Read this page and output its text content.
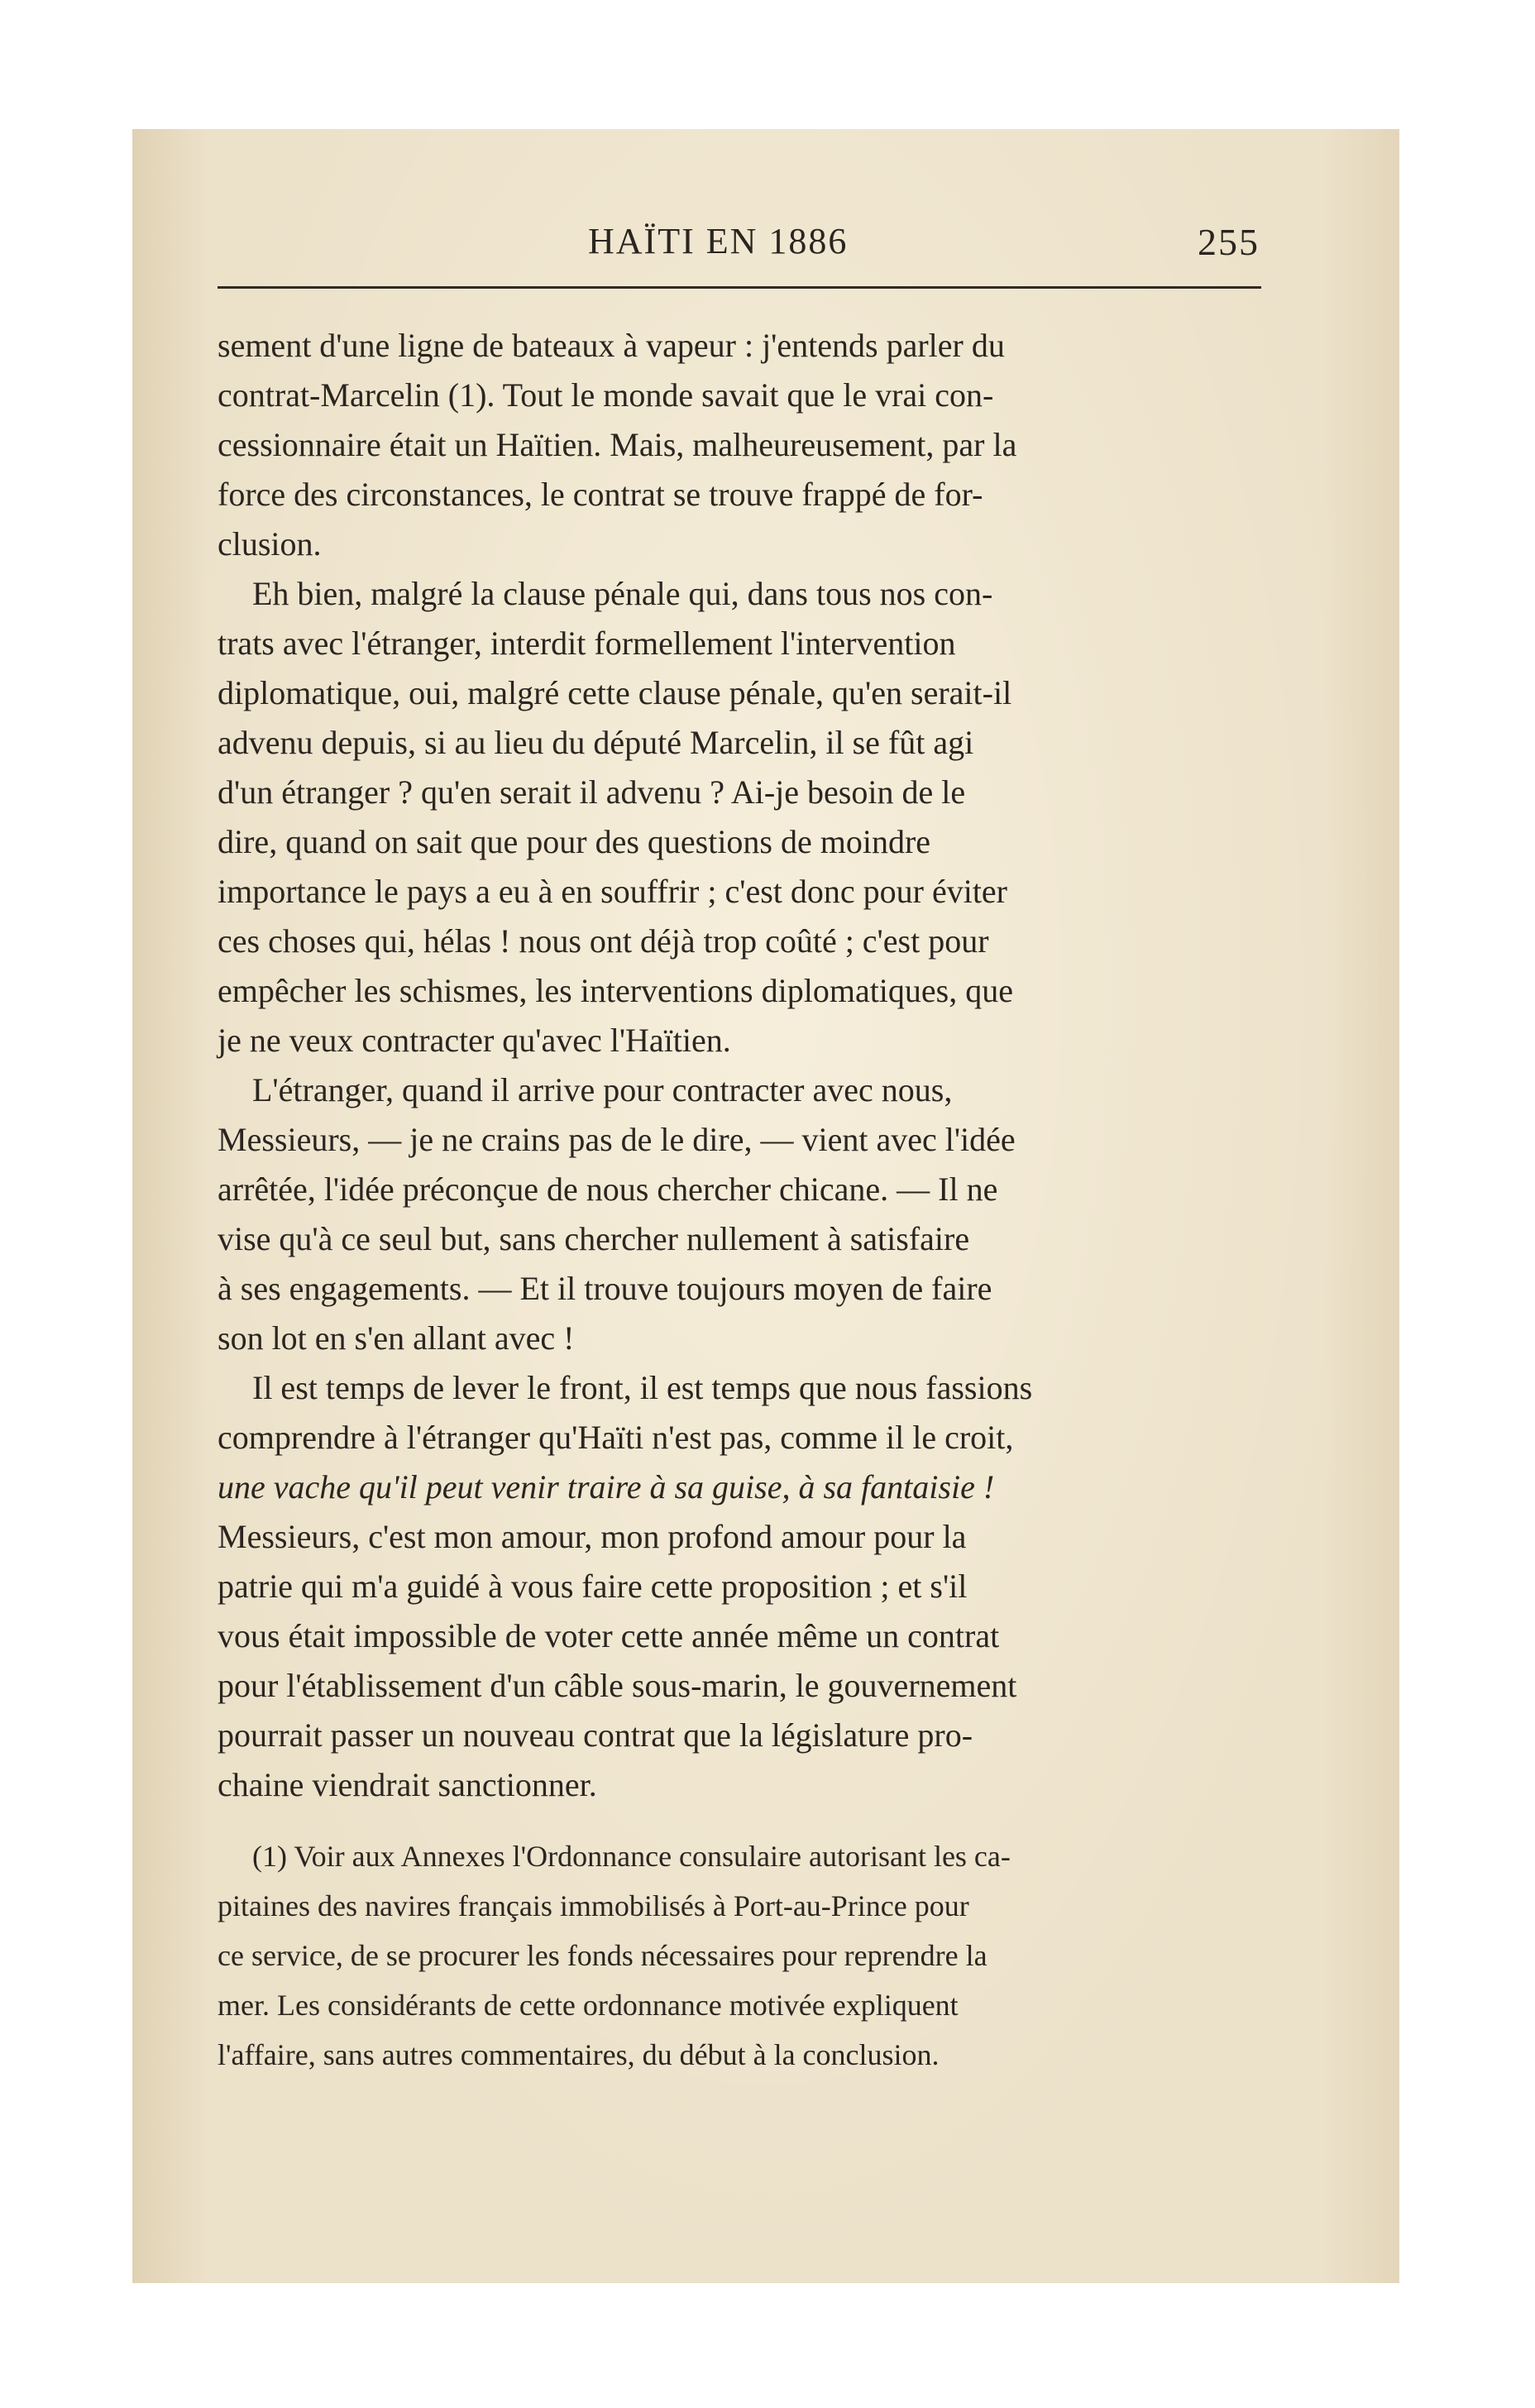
HAÏTI EN 1886	255
sement d'une ligne de bateaux à vapeur : j'entends parler du
contrat-Marcelin (1). Tout le monde savait que le vrai con-
cessionnaire était un Haïtien. Mais, malheureusement, par la
force des circonstances, le contrat se trouve frappé de for-
clusion.
Eh bien, malgré la clause pénale qui, dans tous nos con-
trats avec l'étranger, interdit formellement l'intervention
diplomatique, oui, malgré cette clause pénale, qu'en serait-il
advenu depuis, si au lieu du député Marcelin, il se fût agi
d'un étranger ? qu'en serait il advenu ? Ai-je besoin de le
dire, quand on sait que pour des questions de moindre
importance le pays a eu à en souffrir ; c'est donc pour éviter
ces choses qui, hélas ! nous ont déjà trop coûté ; c'est pour
empêcher les schismes, les interventions diplomatiques, que
je ne veux contracter qu'avec l'Haïtien.
L'étranger, quand il arrive pour contracter avec nous,
Messieurs, — je ne crains pas de le dire, — vient avec l'idée
arrêtée, l'idée préconçue de nous chercher chicane. — Il ne
vise qu'à ce seul but, sans chercher nullement à satisfaire
à ses engagements. — Et il trouve toujours moyen de faire
son lot en s'en allant avec !
Il est temps de lever le front, il est temps que nous fassions
comprendre à l'étranger qu'Haïti n'est pas, comme il le croit,
une vache qu'il peut venir traire à sa guise, à sa fantaisie !
Messieurs, c'est mon amour, mon profond amour pour la
patrie qui m'a guidé à vous faire cette proposition ; et s'il
vous était impossible de voter cette année même un contrat
pour l'établissement d'un câble sous-marin, le gouvernement
pourrait passer un nouveau contrat que la législature pro-
chaine viendrait sanctionner.
(1) Voir aux Annexes l'Ordonnance consulaire autorisant les ca-
pitaines des navires français immobilisés à Port-au-Prince pour
ce service, de se procurer les fonds nécessaires pour reprendre la
mer. Les considérants de cette ordonnance motivée expliquent
l'affaire, sans autres commentaires, du début à la conclusion.
